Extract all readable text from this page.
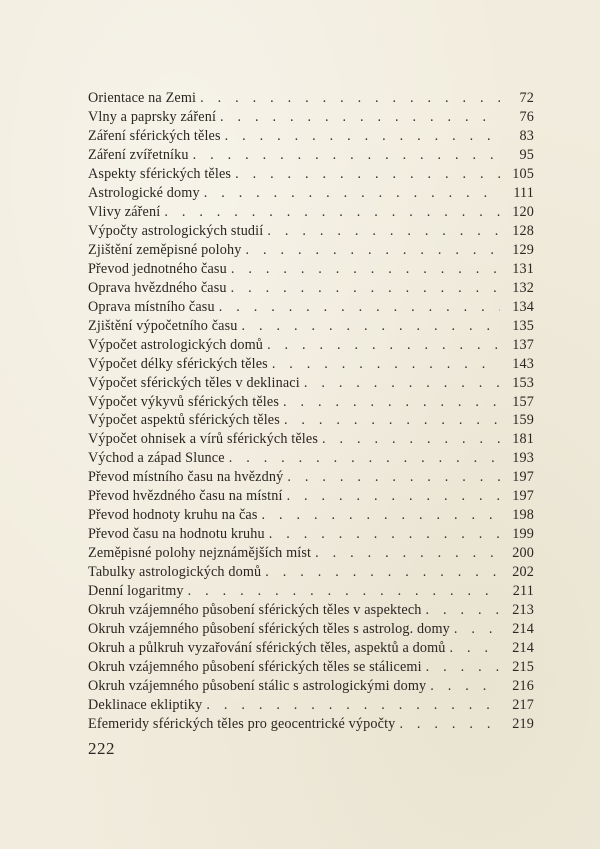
Orientace na Zemi . . .	72
Vlny a paprsky záření . . .	76
Záření sférických těles . . .	83
Záření zvířetníku . . .	95
Aspekty sférických těles . . .	105
Astrologické domy . . .	111
Vlivy záření . . .	120
Výpočty astrologických studií . . .	128
Zjištění zeměpisné polohy . . .	129
Převod jednotného času . . .	131
Oprava hvězdného času . . .	132
Oprava místního času . . .	134
Zjištění výpočetního času . . .	135
Výpočet astrologických domů . . .	137
Výpočet délky sférických těles . . .	143
Výpočet sférických těles v deklinaci . . .	153
Výpočet výkyvů sférických těles . . .	157
Výpočet aspektů sférických těles . . .	159
Výpočet ohnisek a vírů sférických těles . . .	181
Východ a západ Slunce . . .	193
Převod místního času na hvězdný . . .	197
Převod hvězdného času na místní . . .	197
Převod hodnoty kruhu na čas . . .	198
Převod času na hodnotu kruhu . . .	199
Zeměpisné polohy nejznámějších míst . . .	200
Tabulky astrologických domů . . .	202
Denní logaritmy . . .	211
Okruh vzájemného působení sférických těles v aspektech . . .	213
Okruh vzájemného působení sférických těles s astrolog. domy . . .	214
Okruh a půlkruh vyzařování sférických těles, aspektů a domů . . .	214
Okruh vzájemného působení sférických těles se stálicemi . . .	215
Okruh vzájemného působení stálic s astrologickými domy . . .	216
Deklinace ekliptiky . . .	217
Efemeridy sférických těles pro geocentrické výpočty . . .	219
222
